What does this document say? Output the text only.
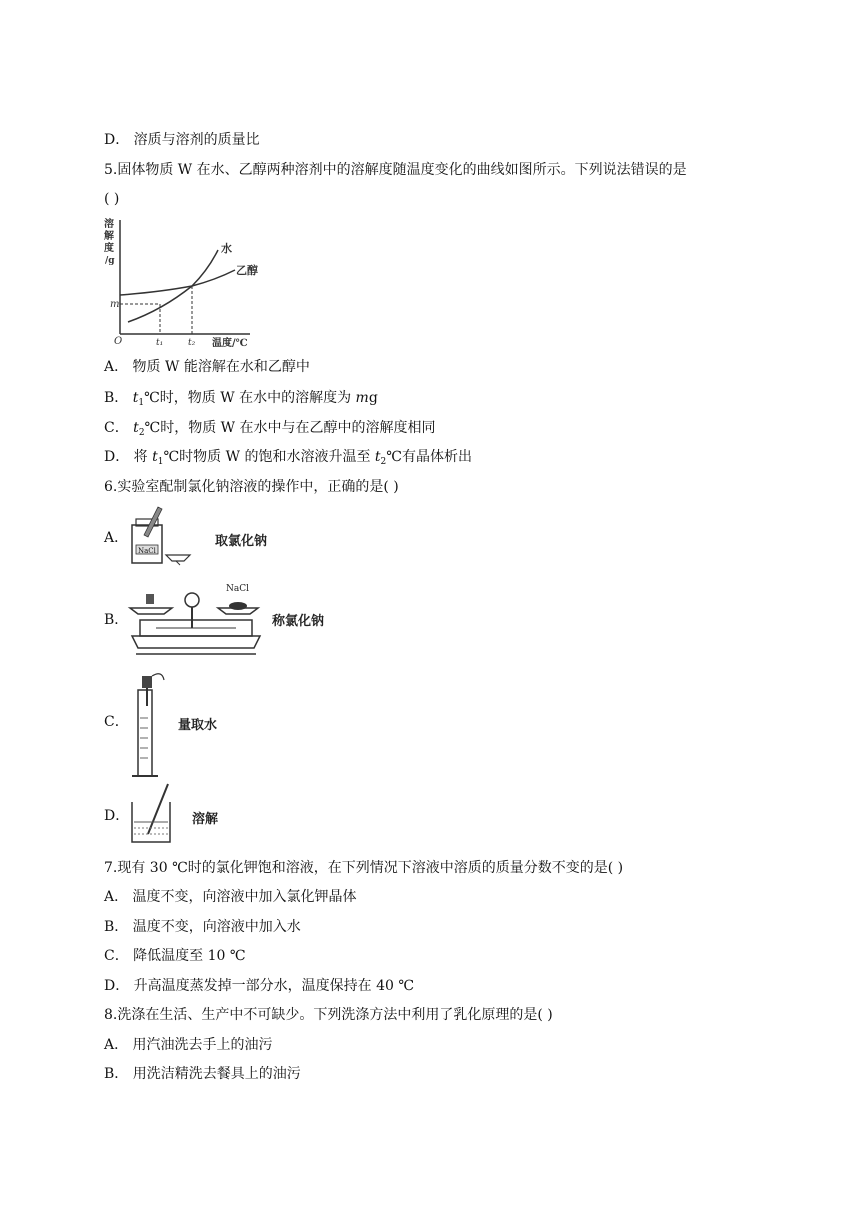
D． 溶质与溶剂的质量比
5.固体物质 W 在水、乙醇两种溶剂中的溶解度随温度变化的曲线如图所示。下列说法错误的是
( )
溶
解
度
/g
水
乙醇
m
O	t₁	t₂ 温度/℃
A． 物质 W 能溶解在水和乙醇中
B． $t_1℃$时，物质 W 在水中的溶解度为 mg
C． $t_2℃$时，物质 W 在水中与在乙醇中的溶解度相同
D． 将 $t_1℃$时物质 W 的饱和水溶液升温至 $t_2℃$有晶体析出
6.实验室配制氯化钠溶液的操作中，正确的是( )
A．
NaCl
取氯化钠
B．
NaCl
称氯化钠
C．	量取水
D．	溶解
7.现有 30 ℃时的氯化钾饱和溶液，在下列情况下溶液中溶质的质量分数不变的是( )
A． 温度不变，向溶液中加入氯化钾晶体
B． 温度不变，向溶液中加入水
C． 降低温度至 10 ℃
D． 升高温度蒸发掉一部分水，温度保持在 40 ℃
8.洗涤在生活、生产中不可缺少。下列洗涤方法中利用了乳化原理的是( )
A． 用汽油洗去手上的油污
B． 用洗洁精洗去餐具上的油污
